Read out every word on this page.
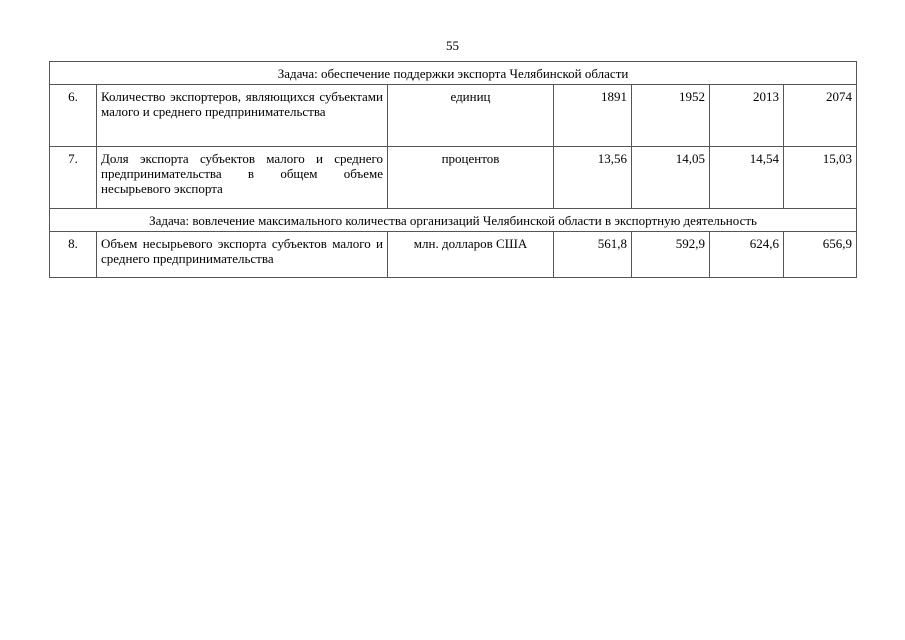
55
Задача: обеспечение поддержки экспорта Челябинской области						
6.	Количество экспортеров, являющихся субъектами малого и среднего предпринимательства	единиц	1891	1952	2013	2074
7.	Доля экспорта субъектов малого и среднего предпринимательства в общем объеме несырьевого экспорта	процентов	13,56	14,05	14,54	15,03
Задача: вовлечение максимального количества организаций Челябинской области в экспортную деятельность						
8.	Объем несырьевого экспорта субъектов малого и среднего предпринимательства	млн. долларов США	561,8	592,9	624,6	656,9
